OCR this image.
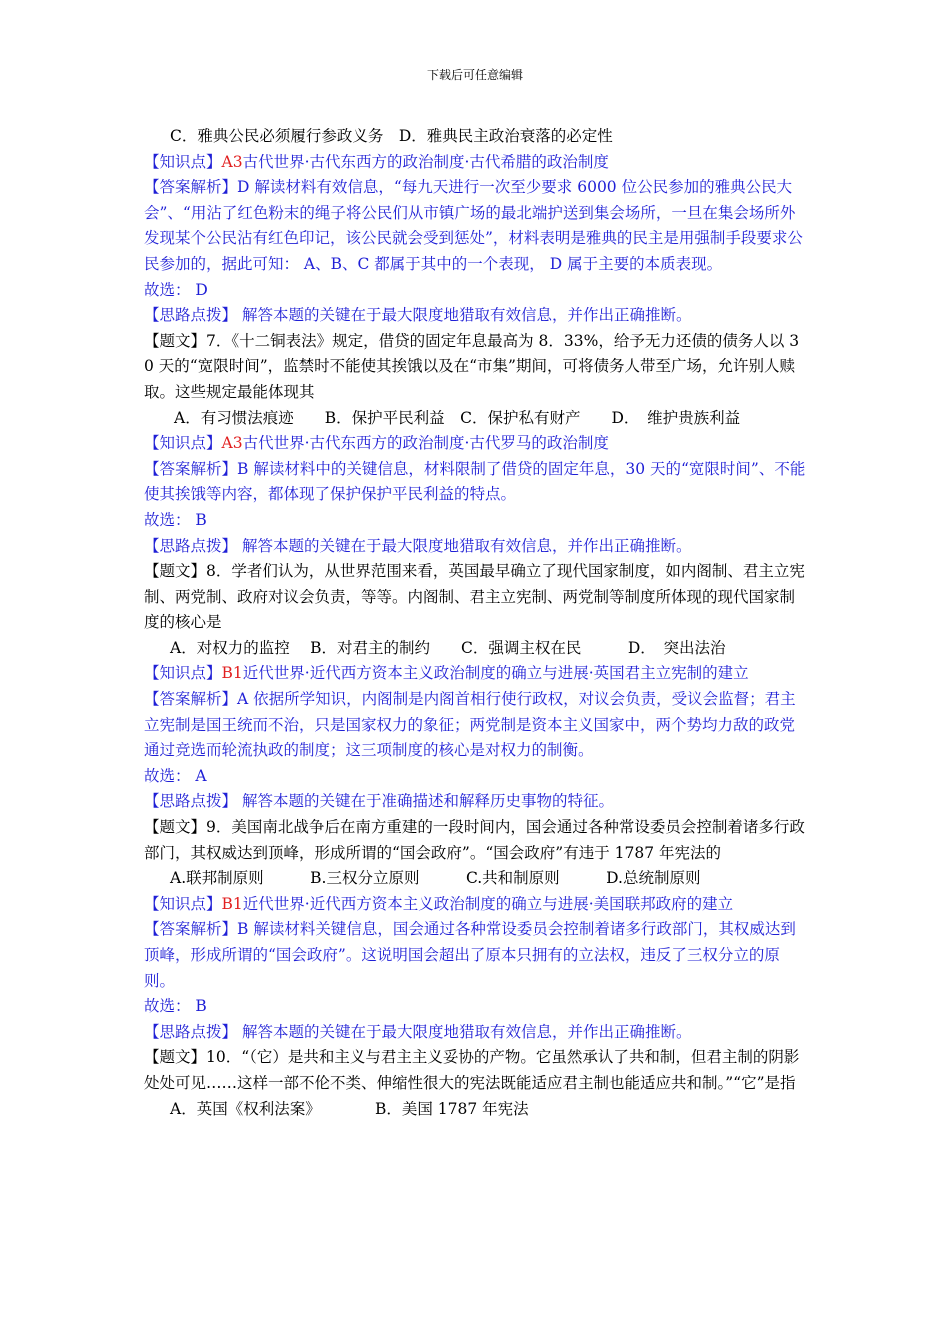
下载后可任意编辑
C．雅典公民必须履行参政义务　D．雅典民主政治衰落的必定性
【知识点】A3古代世界·古代东西方的政治制度·古代希腊的政治制度
【答案解析】D 解读材料有效信息，“每九天进行一次至少要求 6000 位公民参加的雅典公民大会”、“用沾了红色粉末的绳子将公民们从市镇广场的最北端护送到集会场所，一旦在集会场所外发现某个公民沾有红色印记，该公民就会受到惩处”，材料表明是雅典的民主是用强制手段要求公民参加的，据此可知： A、B、C 都属于其中的一个表现， D 属于主要的本质表现。
故选： D
【思路点拨】 解答本题的关键在于最大限度地猎取有效信息，并作出正确推断。
【题文】7．《十二铜表法》规定，借贷的固定年息最高为 8．33%，给予无力还债的债务人以 30 天的“宽限时间”，监禁时不能使其挨饿以及在“市集”期间，可将债务人带至广场，允许别人赎取。这些规定最能体现其
A．有习惯法痕迹　　B．保护平民利益　C．保护私有财产　　D．　维护贵族利益
【知识点】A3古代世界·古代东西方的政治制度·古代罗马的政治制度
【答案解析】B 解读材料中的关键信息，材料限制了借贷的固定年息，30 天的“宽限时间”、不能使其挨饿等内容，都体现了保护保护平民利益的特点。
故选： B
【思路点拨】 解答本题的关键在于最大限度地猎取有效信息，并作出正确推断。
【题文】8．学者们认为，从世界范围来看，英国最早确立了现代国家制度，如内阁制、君主立宪制、两党制、政府对议会负责，等等。内阁制、君主立宪制、两党制等制度所体现的现代国家制度的核心是
A．对权力的监控　 B．对君主的制约　　C．强调主权在民　　　D．　突出法治
【知识点】B1近代世界·近代西方资本主义政治制度的确立与进展·英国君主立宪制的建立
【答案解析】A 依据所学知识，内阁制是内阁首相行使行政权，对议会负责，受议会监督；君主立宪制是国王统而不治，只是国家权力的象征；两党制是资本主义国家中，两个势均力敌的政党通过竞选而轮流执政的制度；这三项制度的核心是对权力的制衡。
故选： A
【思路点拨】 解答本题的关键在于准确描述和解释历史事物的特征。
【题文】9．美国南北战争后在南方重建的一段时间内，国会通过各种常设委员会控制着诸多行政部门，其权威达到顶峰，形成所谓的“国会政府”。“国会政府”有违于 1787 年宪法的
A.联邦制原则　　　B.三权分立原则　　　C.共和制原则　　　D.总统制原则
【知识点】B1近代世界·近代西方资本主义政治制度的确立与进展·美国联邦政府的建立
【答案解析】B 解读材料关键信息，国会通过各种常设委员会控制着诸多行政部门，其权威达到顶峰，形成所谓的“国会政府”。这说明国会超出了原本只拥有的立法权，违反了三权分立的原则。
故选： B
【思路点拨】 解答本题的关键在于最大限度地猎取有效信息，并作出正确推断。
【题文】10．“（它）是共和主义与君主主义妥协的产物。它虽然承认了共和制，但君主制的阴影处处可见……这样一部不伦不类、伸缩性很大的宪法既能适应君主制也能适应共和制。”“它”是指
A．英国《权利法案》　　　　B．美国 1787 年宪法
